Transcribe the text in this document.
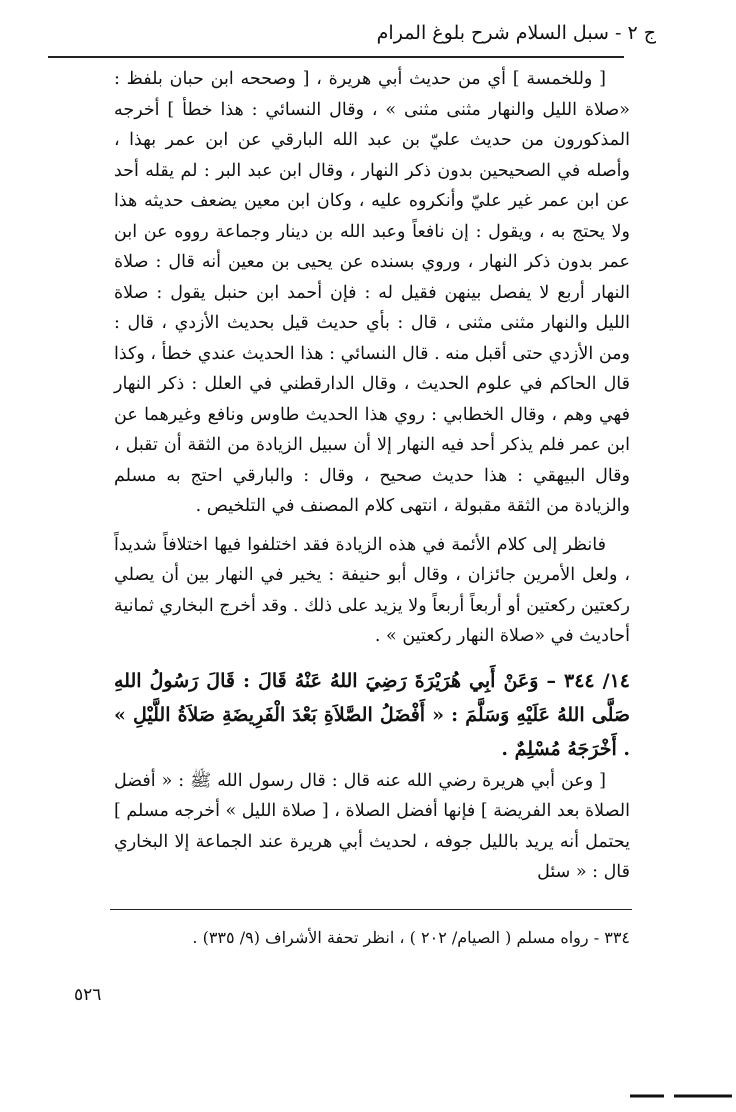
ج ٢ - سبل السلام شرح بلوغ المرام

[ وللخمسة ] أي من حديث أبي هريرة ، [ وصححه ابن حبان بلفظ : «صلاة الليل والنهار مثنى مثنى » ، وقال النسائي : هذا خطأ ] أخرجه المذكورون من حديث عليّ بن عبد الله البارقي عن ابن عمر بهذا ، وأصله في الصحيحين بدون ذكر النهار ، وقال ابن عبد البر : لم يقله أحد عن ابن عمر غير عليّ وأنكروه عليه ، وكان ابن معين يضعف حديثه هذا ولا يحتج به ، ويقول : إن نافعاً وعبد الله بن دينار وجماعة رووه عن ابن عمر بدون ذكر النهار ، وروي بسنده عن يحيى بن معين أنه قال : صلاة النهار أربع لا يفصل بينهن فقيل له : فإن أحمد ابن حنبل يقول : صلاة الليل والنهار مثنى مثنى ، قال : بأي حديث قيل بحديث الأزدي ، قال : ومن الأزدي حتى أقبل منه . قال النسائي : هذا الحديث عندي خطأ ، وكذا قال الحاكم في علوم الحديث ، وقال الدارقطني في العلل : ذكر النهار فهي وهم ، وقال الخطابي : روي هذا الحديث طاوس ونافع وغيرهما عن ابن عمر فلم يذكر أحد فيه النهار إلا أن سبيل الزيادة من الثقة أن تقبل ، وقال البيهقي : هذا حديث صحيح ، وقال : والبارقي احتج به مسلم والزيادة من الثقة مقبولة ، انتهى كلام المصنف في التلخيص .

فانظر إلى كلام الأئمة في هذه الزيادة فقد اختلفوا فيها اختلافاً شديداً ، ولعل الأمرين جائزان ، وقال أبو حنيفة : يخير في النهار بين أن يصلي ركعتين ركعتين أو أربعاً أربعاً ولا يزيد على ذلك . وقد أخرج البخاري ثمانية أحاديث في «صلاة النهار ركعتين » .

١٤/ ٣٤٤ – وَعَنْ أَبِي هُرَيْرَةَ رَضِيَ اللهُ عَنْهُ قَالَ : قَالَ رَسُولُ اللهِ صَلَّى اللهُ عَلَيْهِ وَسَلَّمَ : « أَفْضَلُ الصَّلاَةِ بَعْدَ الْفَرِيضَةِ صَلاَةُ اللَّيْلِ » . أَخْرَجَهُ مُسْلِمٌ .

[ وعن أبي هريرة رضي الله عنه قال : قال رسول الله ﷺ : « أفضل الصلاة بعد الفريضة ] فإنها أفضل الصلاة ، [ صلاة الليل » أخرجه مسلم ] يحتمل أنه يريد بالليل جوفه ، لحديث أبي هريرة عند الجماعة إلا البخاري قال : « سئل

٣٣٤ - رواه مسلم ( الصيام/ ٢٠٢ ) ، انظر تحفة الأشراف (٩/ ٣٣٥) .
٥٢٦
